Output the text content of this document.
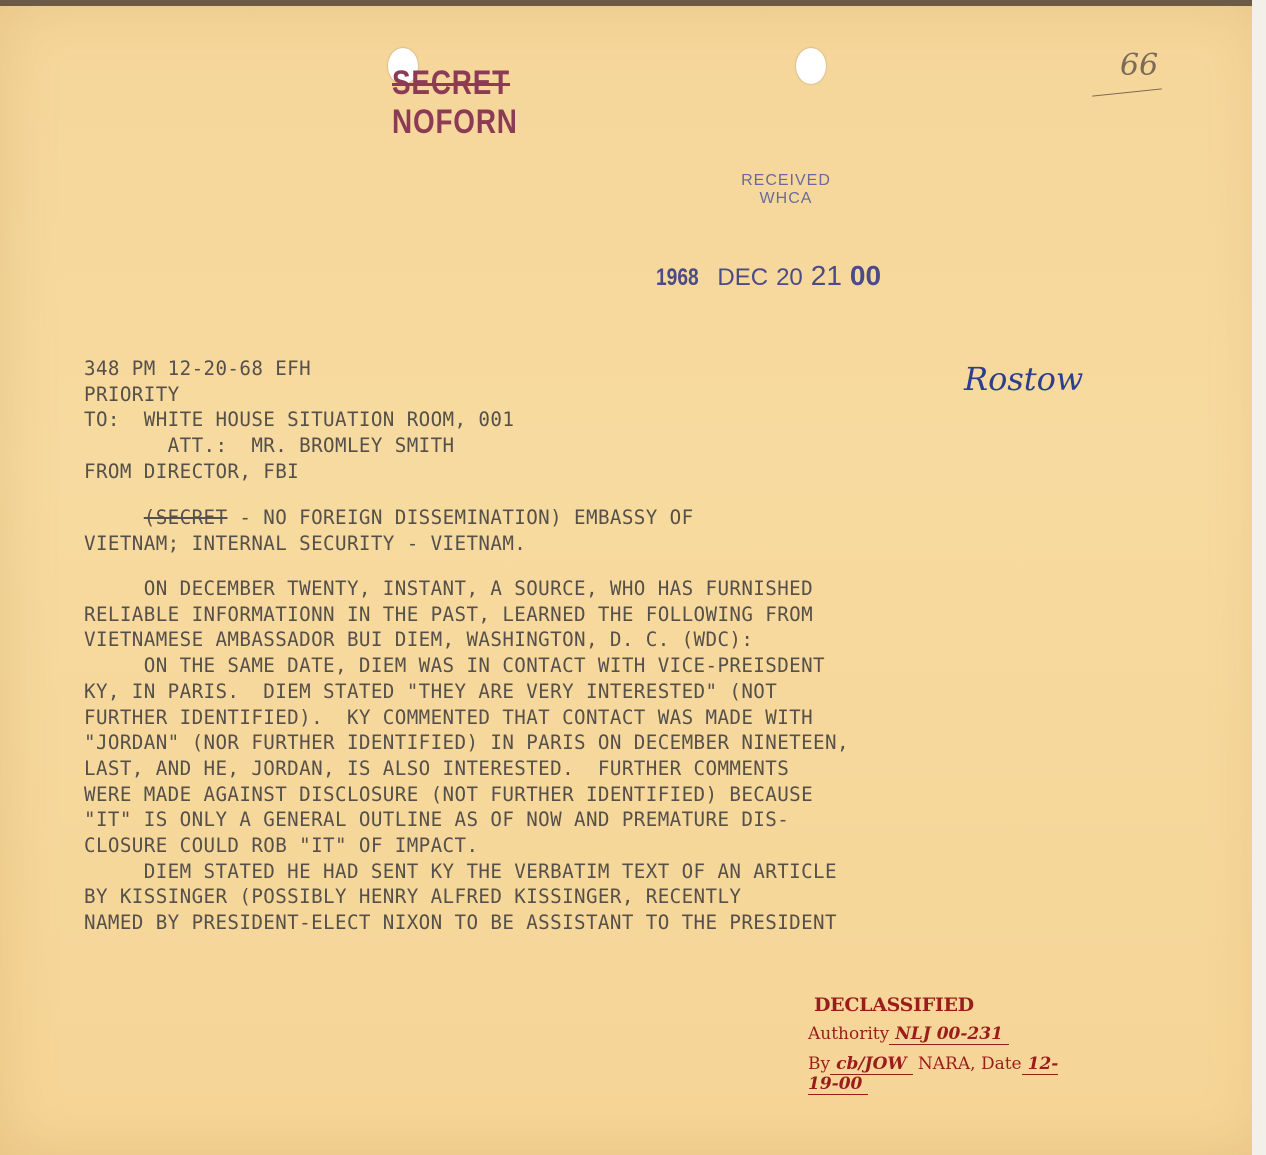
SECRET NOFORN
66
RECEIVED
WHCA
1968 DEC 20 21 00
Rostow
348 PM 12-20-68 EFH
PRIORITY
TO:  WHITE HOUSE SITUATION ROOM, 001
ATT.:  MR. BROMLEY SMITH
FROM DIRECTOR, FBI
(SECRET - NO FOREIGN DISSEMINATION) EMBASSY OF
VIETNAM; INTERNAL SECURITY - VIETNAM.
ON DECEMBER TWENTY, INSTANT, A SOURCE, WHO HAS FURNISHED
RELIABLE INFORMATIONN IN THE PAST, LEARNED THE FOLLOWING FROM
VIETNAMESE AMBASSADOR BUI DIEM, WASHINGTON, D. C. (WDC):
ON THE SAME DATE, DIEM WAS IN CONTACT WITH VICE-PREISDENT
KY, IN PARIS.  DIEM STATED "THEY ARE VERY INTERESTED" (NOT
FURTHER IDENTIFIED).  KY COMMENTED THAT CONTACT WAS MADE WITH
"JORDAN" (NOR FURTHER IDENTIFIED) IN PARIS ON DECEMBER NINETEEN,
LAST, AND HE, JORDAN, IS ALSO INTERESTED.  FURTHER COMMENTS
WERE MADE AGAINST DISCLOSURE (NOT FURTHER IDENTIFIED) BECAUSE
"IT" IS ONLY A GENERAL OUTLINE AS OF NOW AND PREMATURE DIS-
CLOSURE COULD ROB "IT" OF IMPACT.
DIEM STATED HE HAD SENT KY THE VERBATIM TEXT OF AN ARTICLE
BY KISSINGER (POSSIBLY HENRY ALFRED KISSINGER, RECENTLY
NAMED BY PRESIDENT-ELECT NIXON TO BE ASSISTANT TO THE PRESIDENT
DECLASSIFIED
Authority NLJ 00-231
By cb/JOW NARA, Date 12-19-00
